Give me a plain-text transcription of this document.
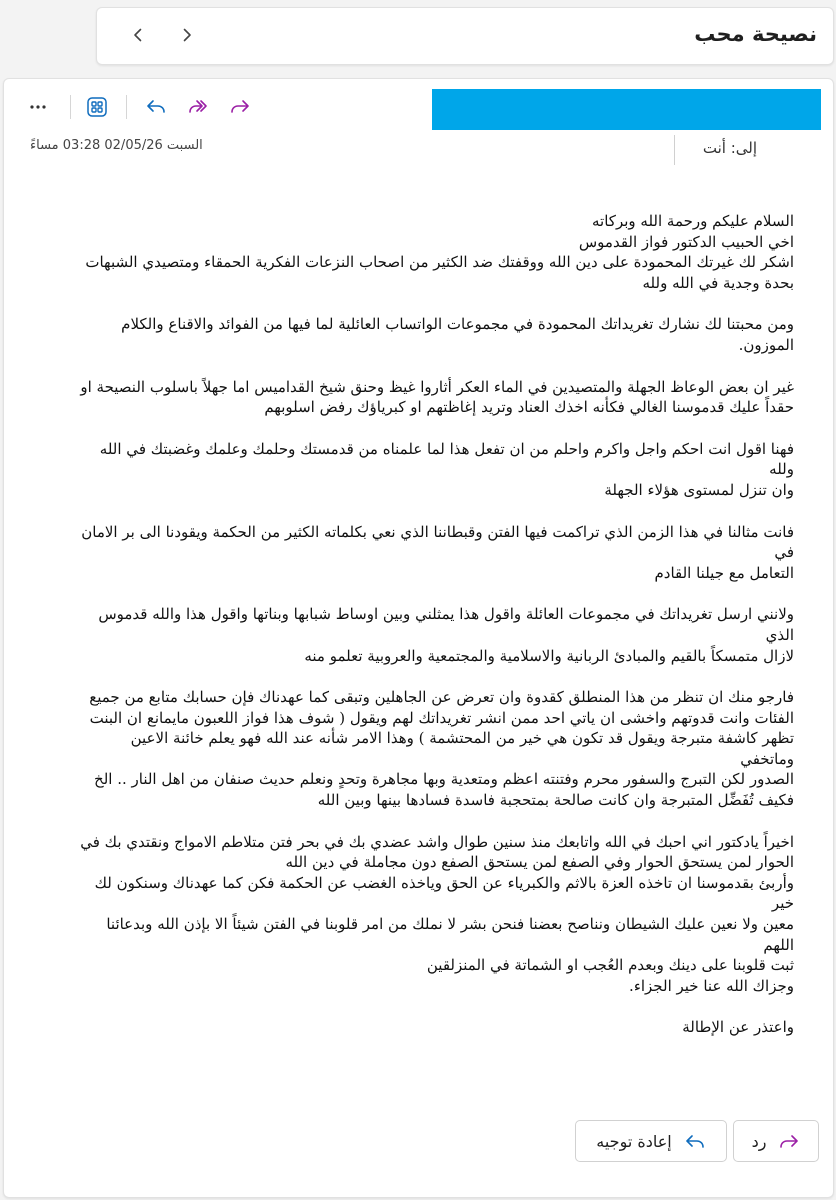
نصيحة محب
السبت 02/05/26 03:28 مساءً	إلى: أنت
السلام عليكم ورحمة الله وبركاته
اخي الحبيب الدكتور فواز القدموس
اشكر لك غيرتك المحمودة على دين الله ووقفتك ضد الكثير من اصحاب النزعات الفكرية الحمقاء ومتصيدي الشبهات
بحدة وجدية في الله ولله
ومن محبتنا لك نشارك تغريداتك المحمودة في مجموعات الواتساب العائلية لما فيها من الفوائد والاقناع والكلام
الموزون.
غير ان بعض الوعاظ الجهلة والمتصيدين في الماء العكر أثاروا غيظ وحنق شيخ القداميس اما جهلاً باسلوب النصيحة او
حقداً عليك قدموسنا الغالي فكأنه اخذك العناد وتريد إغاظتهم او كبرياؤك رفض اسلوبهم
فهنا اقول انت احكم واجل واكرم واحلم من ان تفعل هذا لما علمناه من قدمستك وحلمك وعلمك وغضبتك في الله ولله
وان تنزل لمستوى هؤلاء الجهلة
فانت مثالنا في هذا الزمن الذي تراكمت فيها الفتن وقبطاننا الذي نعي بكلماته الكثير من الحكمة ويقودنا الى بر الامان في
التعامل مع جيلنا القادم
ولانني ارسل تغريداتك في مجموعات العائلة واقول هذا يمثلني وبين اوساط شبابها وبناتها واقول هذا والله قدموس الذي
لازال متمسكاً بالقيم والمبادئ الربانية والاسلامية والمجتمعية والعروبية تعلمو منه
فارجو منك ان تنظر من هذا المنطلق كقدوة وان تعرض عن الجاهلين وتبقى كما عهدناك فإن حسابك متابع من جميع
الفئات وانت قدوتهم واخشى ان ياتي احد ممن انشر تغريداتك لهم ويقول ( شوف هذا فواز اللعبون مايمانع ان البنت
تظهر كاشفة متبرجة ويقول قد تكون هي خير من المحتشمة ) وهذا الامر شأنه عند الله فهو يعلم خائنة الاعين وماتخفي
الصدور لكن التبرج والسفور محرم وفتنته اعظم ومتعدية وبها مجاهرة وتحدٍ ونعلم حديث صنفان من اهل النار .. الخ
فكيف تُفَضِّل المتبرجة وان كانت صالحة بمتحجبة فاسدة فسادها بينها وبين الله
اخيراً يادكتور اني احبك في الله واتابعك منذ سنين طوال واشد عضدي بك في بحر فتن متلاطم الامواج ونقتدي بك في
الحوار لمن يستحق الحوار وفي الصفع لمن يستحق الصفع دون مجاملة في دين الله
وأربئ بقدموسنا ان تاخذه العزة بالاثم والكبرياء عن الحق وياخذه الغضب عن الحكمة فكن كما عهدناك وسنكون لك خير
معين ولا نعين عليك الشيطان ونناصح بعضنا فنحن بشر لا نملك من امر قلوبنا في الفتن شيئاً الا بإذن الله وبدعائنا اللهم
ثبت قلوبنا على دينك وبعدم العُجب او الشماتة في المنزلقين
وجزاك الله عنا خير الجزاء.
واعتذر عن الإطالة
رد
إعادة توجيه
